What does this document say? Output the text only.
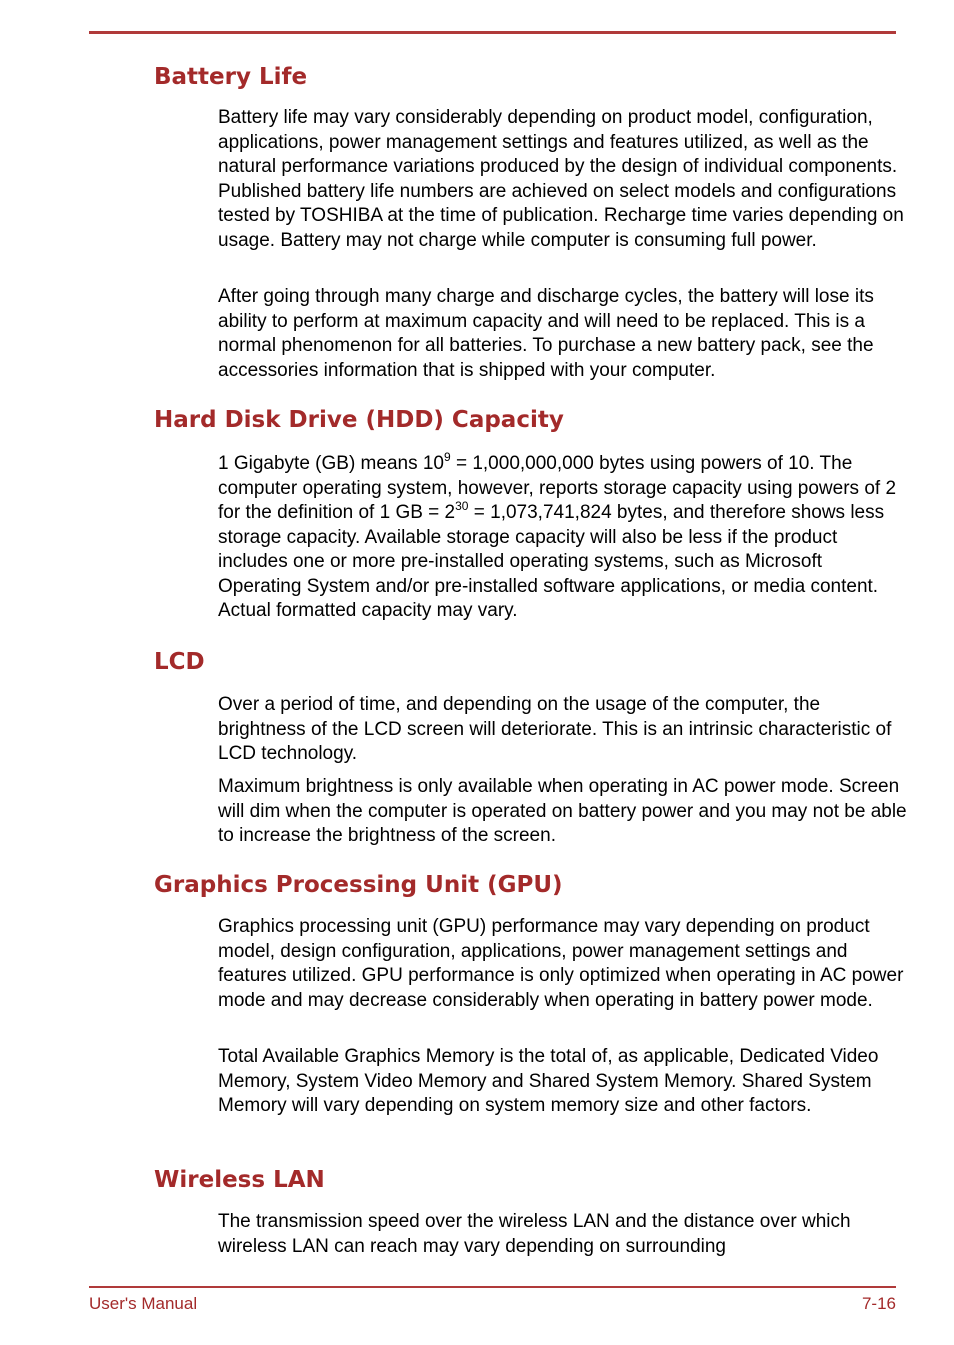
Battery Life

Battery life may vary considerably depending on product model, configuration, applications, power management settings and features utilized, as well as the natural performance variations produced by the design of individual components. Published battery life numbers are achieved on select models and configurations tested by TOSHIBA at the time of publication. Recharge time varies depending on usage. Battery may not charge while computer is consuming full power.

After going through many charge and discharge cycles, the battery will lose its ability to perform at maximum capacity and will need to be replaced. This is a normal phenomenon for all batteries. To purchase a new battery pack, see the accessories information that is shipped with your computer.

Hard Disk Drive (HDD) Capacity

1 Gigabyte (GB) means $10^9 = 1,000,000,000$ bytes using powers of 10. The computer operating system, however, reports storage capacity using powers of 2 for the definition of 1 GB = $2^{30} = 1,073,741,824$ bytes, and therefore shows less storage capacity. Available storage capacity will also be less if the product includes one or more pre-installed operating systems, such as Microsoft Operating System and/or pre-installed software applications, or media content. Actual formatted capacity may vary.

LCD

Over a period of time, and depending on the usage of the computer, the brightness of the LCD screen will deteriorate. This is an intrinsic characteristic of LCD technology.

Maximum brightness is only available when operating in AC power mode. Screen will dim when the computer is operated on battery power and you may not be able to increase the brightness of the screen.

Graphics Processing Unit (GPU)

Graphics processing unit (GPU) performance may vary depending on product model, design configuration, applications, power management settings and features utilized. GPU performance is only optimized when operating in AC power mode and may decrease considerably when operating in battery power mode.

Total Available Graphics Memory is the total of, as applicable, Dedicated Video Memory, System Video Memory and Shared System Memory. Shared System Memory will vary depending on system memory size and other factors.

Wireless LAN

The transmission speed over the wireless LAN and the distance over which wireless LAN can reach may vary depending on surrounding

User's Manual	7-16
